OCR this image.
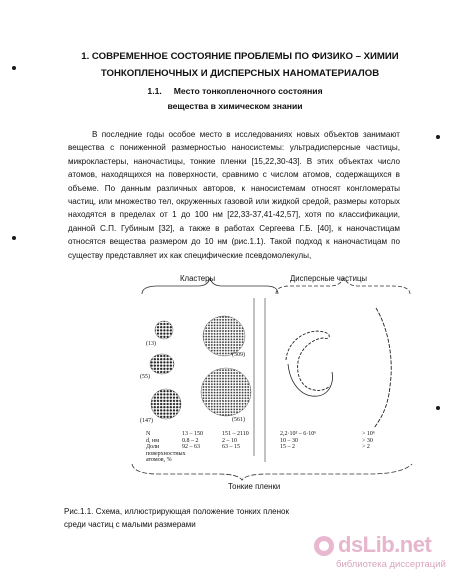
1. СОВРЕМЕННОЕ СОСТОЯНИЕ ПРОБЛЕМЫ ПО ФИЗИКО – ХИМИИ
ТОНКОПЛЕНОЧНЫХ И ДИСПЕРСНЫХ НАНОМАТЕРИАЛОВ
1.1. Место тонкопленочного состояния
вещества в химическом знании

В последние годы особое место в исследованиях новых объектов занимают вещества с пониженной размерностью наносистемы: ультрадисперсные частицы, микрокластеры, наночастицы, тонкие пленки [15,22,30-43]. В этих объектах число атомов, находящихся на поверхности, сравнимо с числом атомов, содержащихся в объеме. По данным различных авторов, к наносистемам относят конгломераты частиц, или множество тел, окруженных газовой или жидкой средой, размеры которых находятся в пределах от 1 до 100 нм [22,33-37,41-42,57], хотя по классификации, данной С.П. Губиным [32], а также в работах Сергеева Г.Б. [40], к наночастицам относятся вещества размером до 10 нм (рис.1.1). Такой подход к наночастицам по существу представляет их как специфические псевдомолекулы,

Кластеры	Дисперсные частицы
(13)
(55)
(147)
(309)
(561)
N
d, нм
Доли
поверхностных
атомов, %
13 – 150
0.8 – 2
92 – 63
151 – 2110
2 – 10
63 – 15
2,2·10³ – 6·10⁶
10 – 30
15 – 2
> 10⁶
> 30
> 2
Тонкие пленки
Рис.1.1. Схема, иллюстрирующая положение тонких пленок среди частиц с малыми размерами
dsLib.net
библиотека диссертаций
